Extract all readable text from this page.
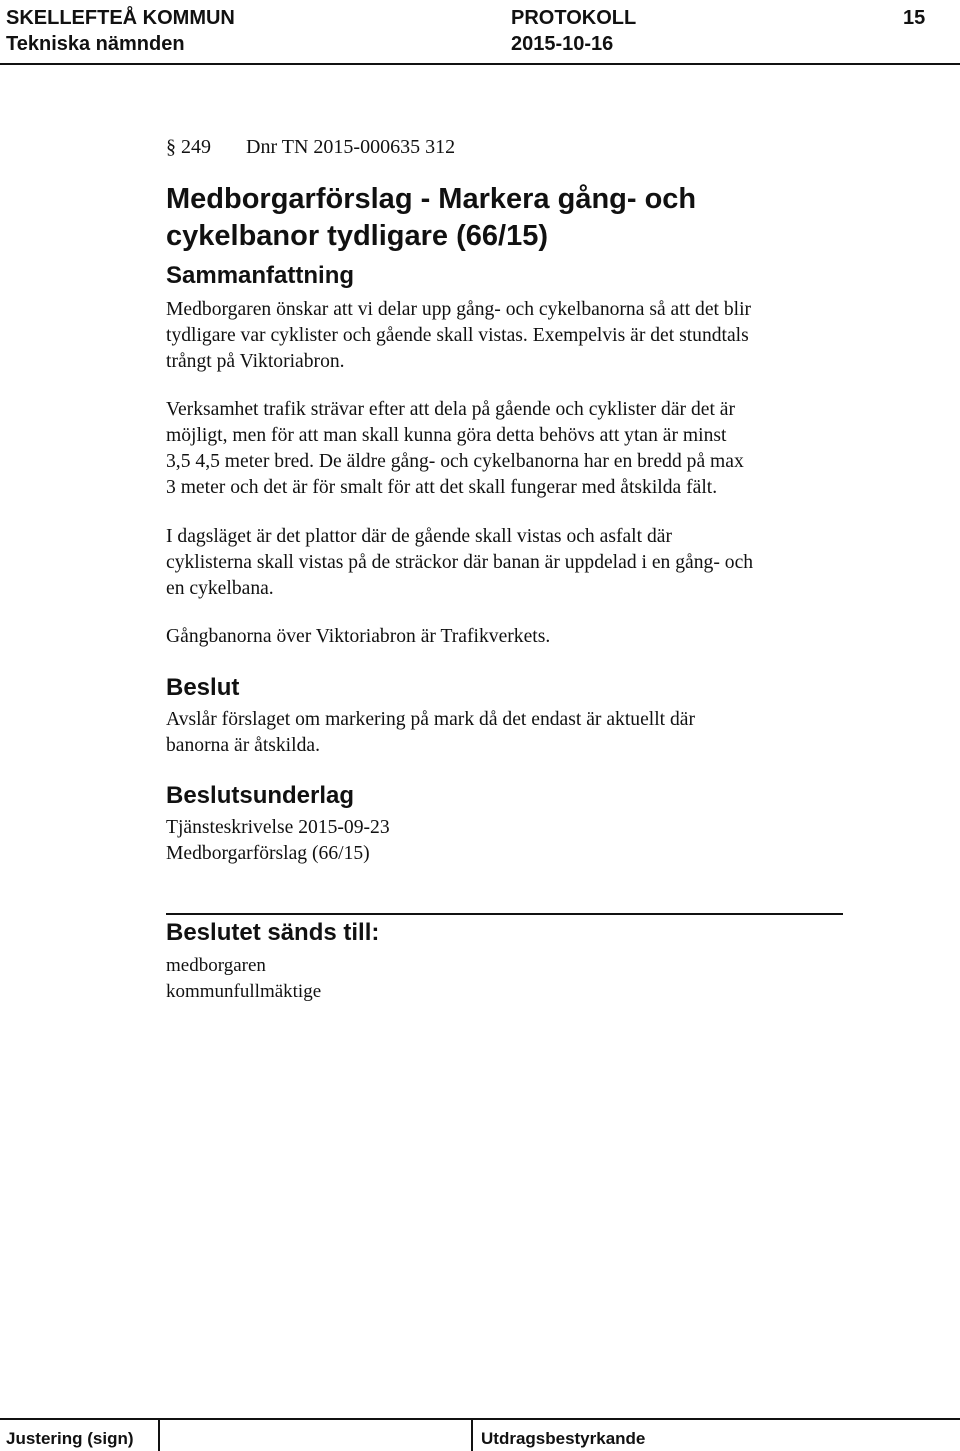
SKELLEFTEÅ KOMMUN	PROTOKOLL	15
Tekniska nämnden	2015-10-16
§ 249 Dnr TN 2015-000635 312
Medborgarförslag - Markera gång- och
cykelbanor tydligare (66/15)
Sammanfattning

Medborgaren önskar att vi delar upp gång- och cykelbanorna så att det blir
tydligare var cyklister och gående skall vistas. Exempelvis är det stundtals
trångt på Viktoriabron.

Verksamhet trafik strävar efter att dela på gående och cyklister där det är
möjligt, men för att man skall kunna göra detta behövs att ytan är minst
3,5 4,5 meter bred. De äldre gång- och cykelbanorna har en bredd på max
3 meter och det är för smalt för att det skall fungerar med åtskilda fält.

I dagsläget är det plattor där de gående skall vistas och asfalt där
cyklisterna skall vistas på de sträckor där banan är uppdelad i en gång- och
en cykelbana.

Gångbanorna över Viktoriabron är Trafikverkets.

Beslut

Avslår förslaget om markering på mark då det endast är aktuellt där
banorna är åtskilda.

Beslutsunderlag

Tjänsteskrivelse 2015-09-23
Medborgarförslag (66/15)

Beslutet sänds till:

medborgaren
kommunfullmäktige

Justering (sign)	Utdragsbestyrkande
